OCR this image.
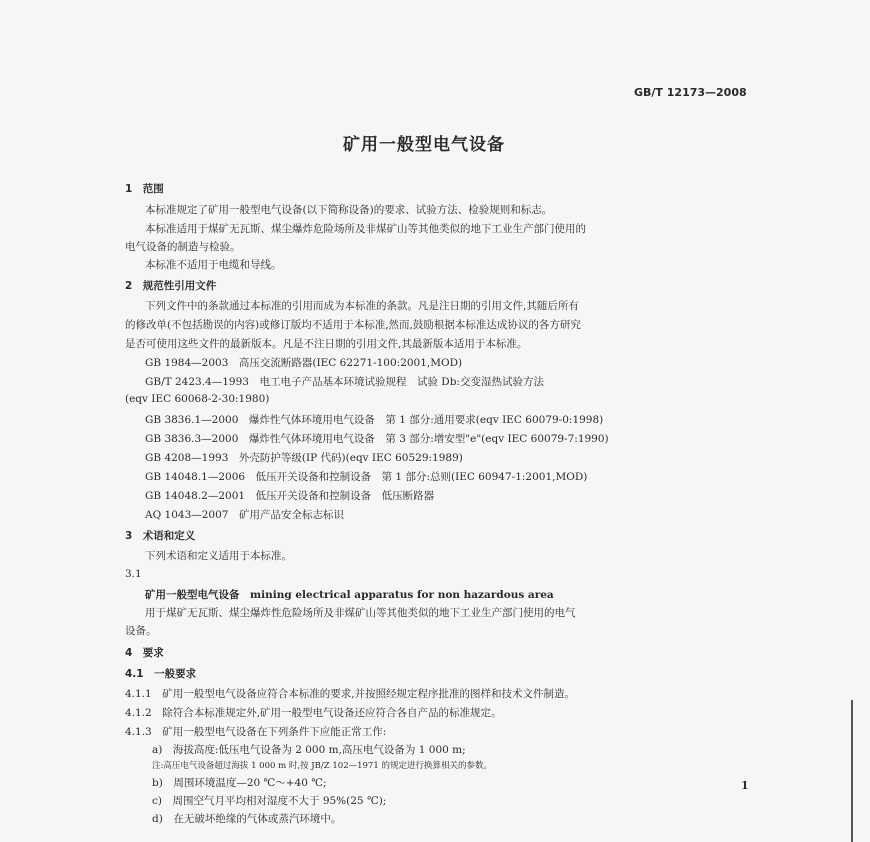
GB/T 12173—2008
矿用一般型电气设备
1　范围
本标准规定了矿用一般型电气设备(以下简称设备)的要求、试验方法、检验规则和标志。
本标准适用于煤矿无瓦斯、煤尘爆炸危险场所及非煤矿山等其他类似的地下工业生产部门使用的
电气设备的制造与检验。
本标准不适用于电缆和导线。
2　规范性引用文件
下列文件中的条款通过本标准的引用而成为本标准的条款。凡是注日期的引用文件,其随后所有
的修改单(不包括勘误的内容)或修订版均不适用于本标准,然而,鼓励根据本标准达成协议的各方研究
是否可使用这些文件的最新版本。凡是不注日期的引用文件,其最新版本适用于本标准。
GB 1984—2003　高压交流断路器(IEC 62271-100:2001,MOD)
GB/T 2423.4—1993　电工电子产品基本环境试验规程　试验 Db:交变湿热试验方法
(eqv IEC 60068-2-30:1980)
GB 3836.1—2000　爆炸性气体环境用电气设备　第 1 部分:通用要求(eqv IEC 60079-0:1998)
GB 3836.3—2000　爆炸性气体环境用电气设备　第 3 部分:增安型"e"(eqv IEC 60079-7:1990)
GB 4208—1993　外壳防护等级(IP 代码)(eqv IEC 60529:1989)
GB 14048.1—2006　低压开关设备和控制设备　第 1 部分:总则(IEC 60947-1:2001,MOD)
GB 14048.2—2001　低压开关设备和控制设备　低压断路器
AQ 1043—2007　矿用产品安全标志标识
3　术语和定义
下列术语和定义适用于本标准。
3.1
矿用一般型电气设备　mining electrical apparatus for non hazardous area
用于煤矿无瓦斯、煤尘爆炸性危险场所及非煤矿山等其他类似的地下工业生产部门使用的电气
设备。
4　要求
4.1　一般要求
4.1.1　矿用一般型电气设备应符合本标准的要求,并按照经规定程序批准的图样和技术文件制造。
4.1.2　除符合本标准规定外,矿用一般型电气设备还应符合各自产品的标准规定。
4.1.3　矿用一般型电气设备在下列条件下应能正常工作:
a)　海拔高度:低压电气设备为 2 000 m,高压电气设备为 1 000 m;
注:高压电气设备超过海拔 1 000 m 时,按 JB/Z 102—1971 的规定进行换算相关的参数。
b)　周围环境温度—20 ℃～+40 ℃;
c)　周围空气月平均相对湿度不大于 95%(25 ℃);
d)　在无破坏绝缘的气体或蒸汽环境中。
1
